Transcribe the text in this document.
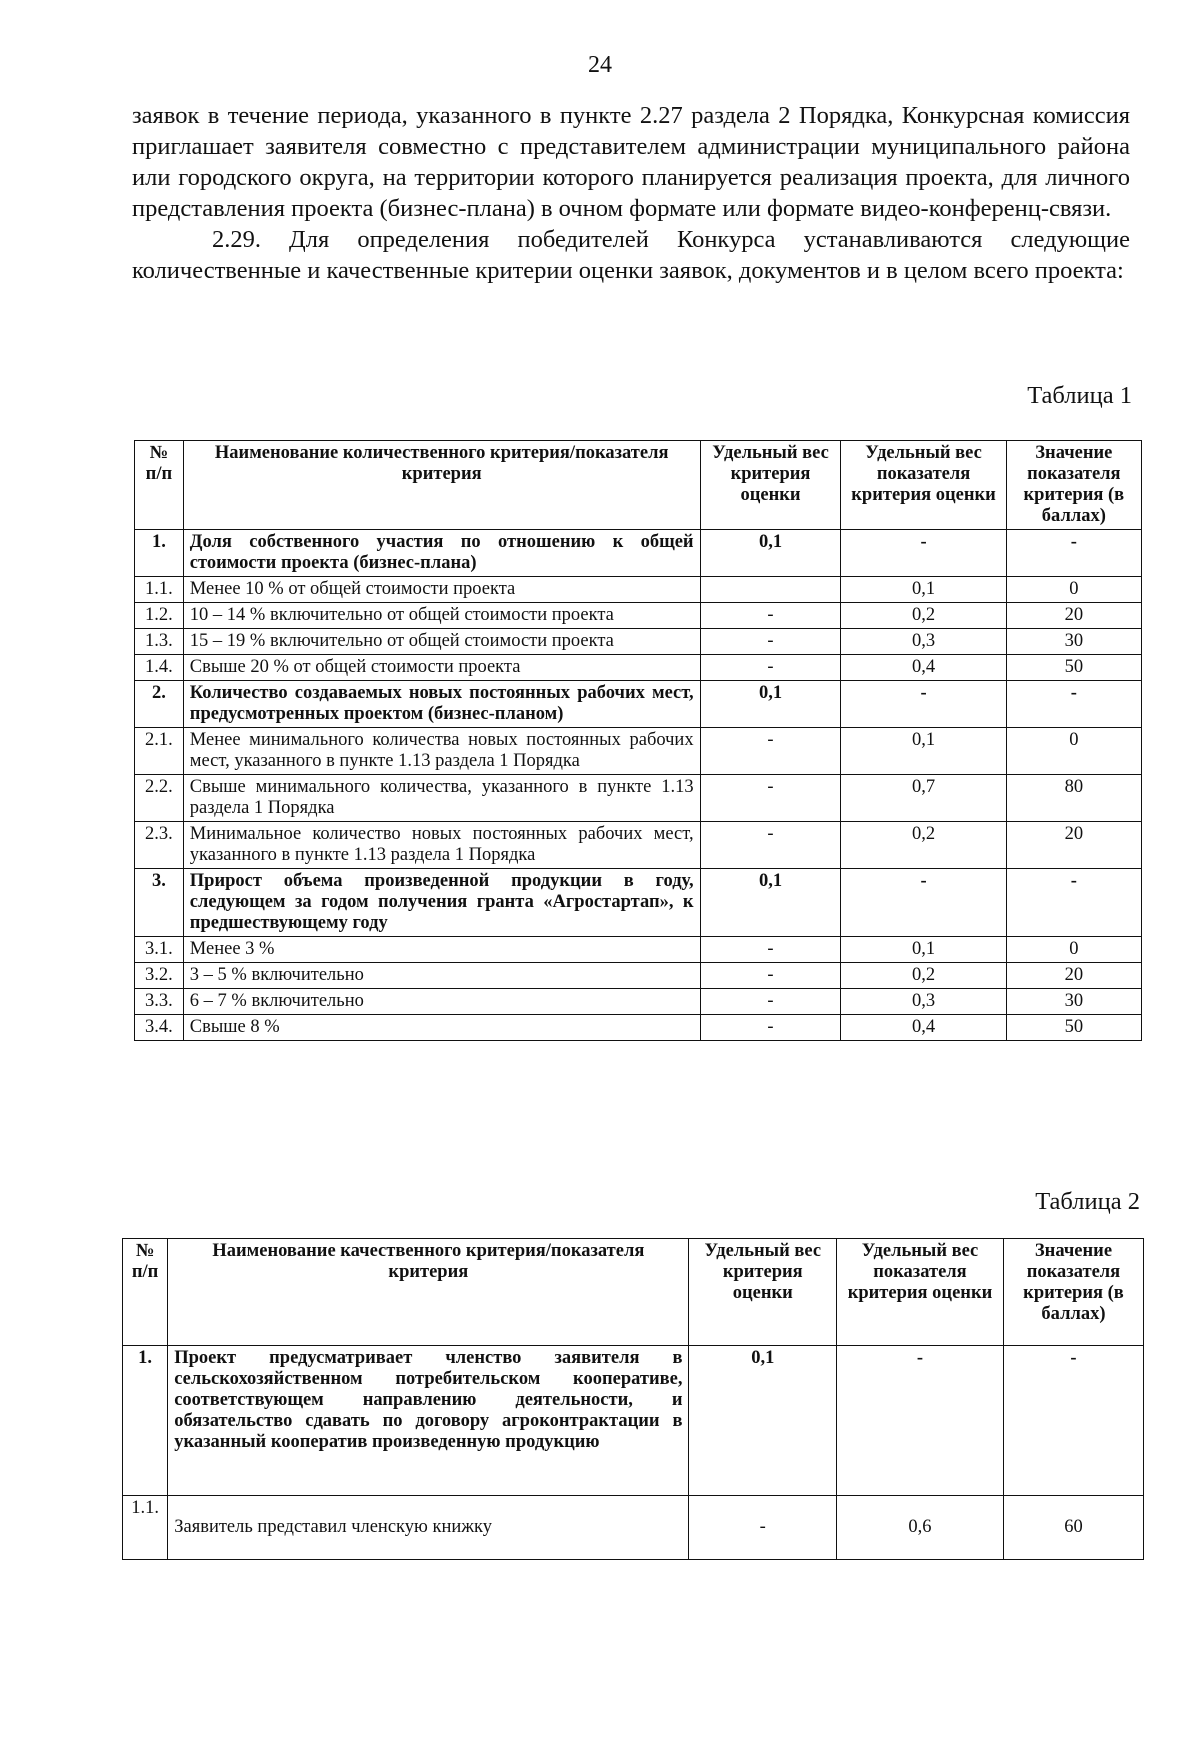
24

заявок в течение периода, указанного в пункте 2.27 раздела 2 Порядка, Конкурсная комиссия приглашает заявителя совместно с представителем администрации муниципального района или городского округа, на территории которого планируется реализация проекта, для личного представления проекта (бизнес-плана) в очном формате или формате видео-конференц-связи.

2.29. Для определения победителей Конкурса устанавливаются следующие количественные и качественные критерии оценки заявок, документов и в целом всего проекта:

Таблица 1
№ п/п	Наименование количественного критерия/показателя критерия	Удельный вес критерия оценки	Удельный вес показателя критерия оценки	Значение показателя критерия (в баллах)
1.	Доля собственного участия по отношению к общей стоимости проекта (бизнес-плана)	0,1	-	-
1.1.	Менее 10 % от общей стоимости проекта		0,1	0
1.2.	10 – 14 % включительно от общей стоимости проекта	-	0,2	20
1.3.	15 – 19 % включительно от общей стоимости проекта	-	0,3	30
1.4.	Свыше 20 % от общей стоимости проекта	-	0,4	50
2.	Количество создаваемых новых постоянных рабочих мест, предусмотренных проектом (бизнес-планом)	0,1	-	-
2.1.	Менее минимального количества новых постоянных рабочих мест, указанного в пункте 1.13 раздела 1 Порядка	-	0,1	0
2.2.	Свыше минимального количества, указанного в пункте 1.13 раздела 1 Порядка	-	0,7	80
2.3.	Минимальное количество новых постоянных рабочих мест, указанного в пункте 1.13 раздела 1 Порядка	-	0,2	20
3.	Прирост объема произведенной продукции в году, следующем за годом получения гранта «Агростартап», к предшествующему году	0,1	-	-
3.1.	Менее 3 %	-	0,1	0
3.2.	3 – 5 % включительно	-	0,2	20
3.3.	6 – 7 % включительно	-	0,3	30
3.4.	Свыше 8 %	-	0,4	50
Таблица 2
№ п/п	Наименование качественного критерия/показателя критерия	Удельный вес критерия оценки	Удельный вес показателя критерия оценки	Значение показателя критерия (в баллах)
1.	Проект предусматривает членство заявителя в сельскохозяйственном потребительском кооперативе, соответствующем направлению деятельности, и обязательство сдавать по договору агроконтрактации в указанный кооператив произведенную продукцию	0,1	-	-
1.1.	Заявитель представил членскую книжку	-	0,6	60
